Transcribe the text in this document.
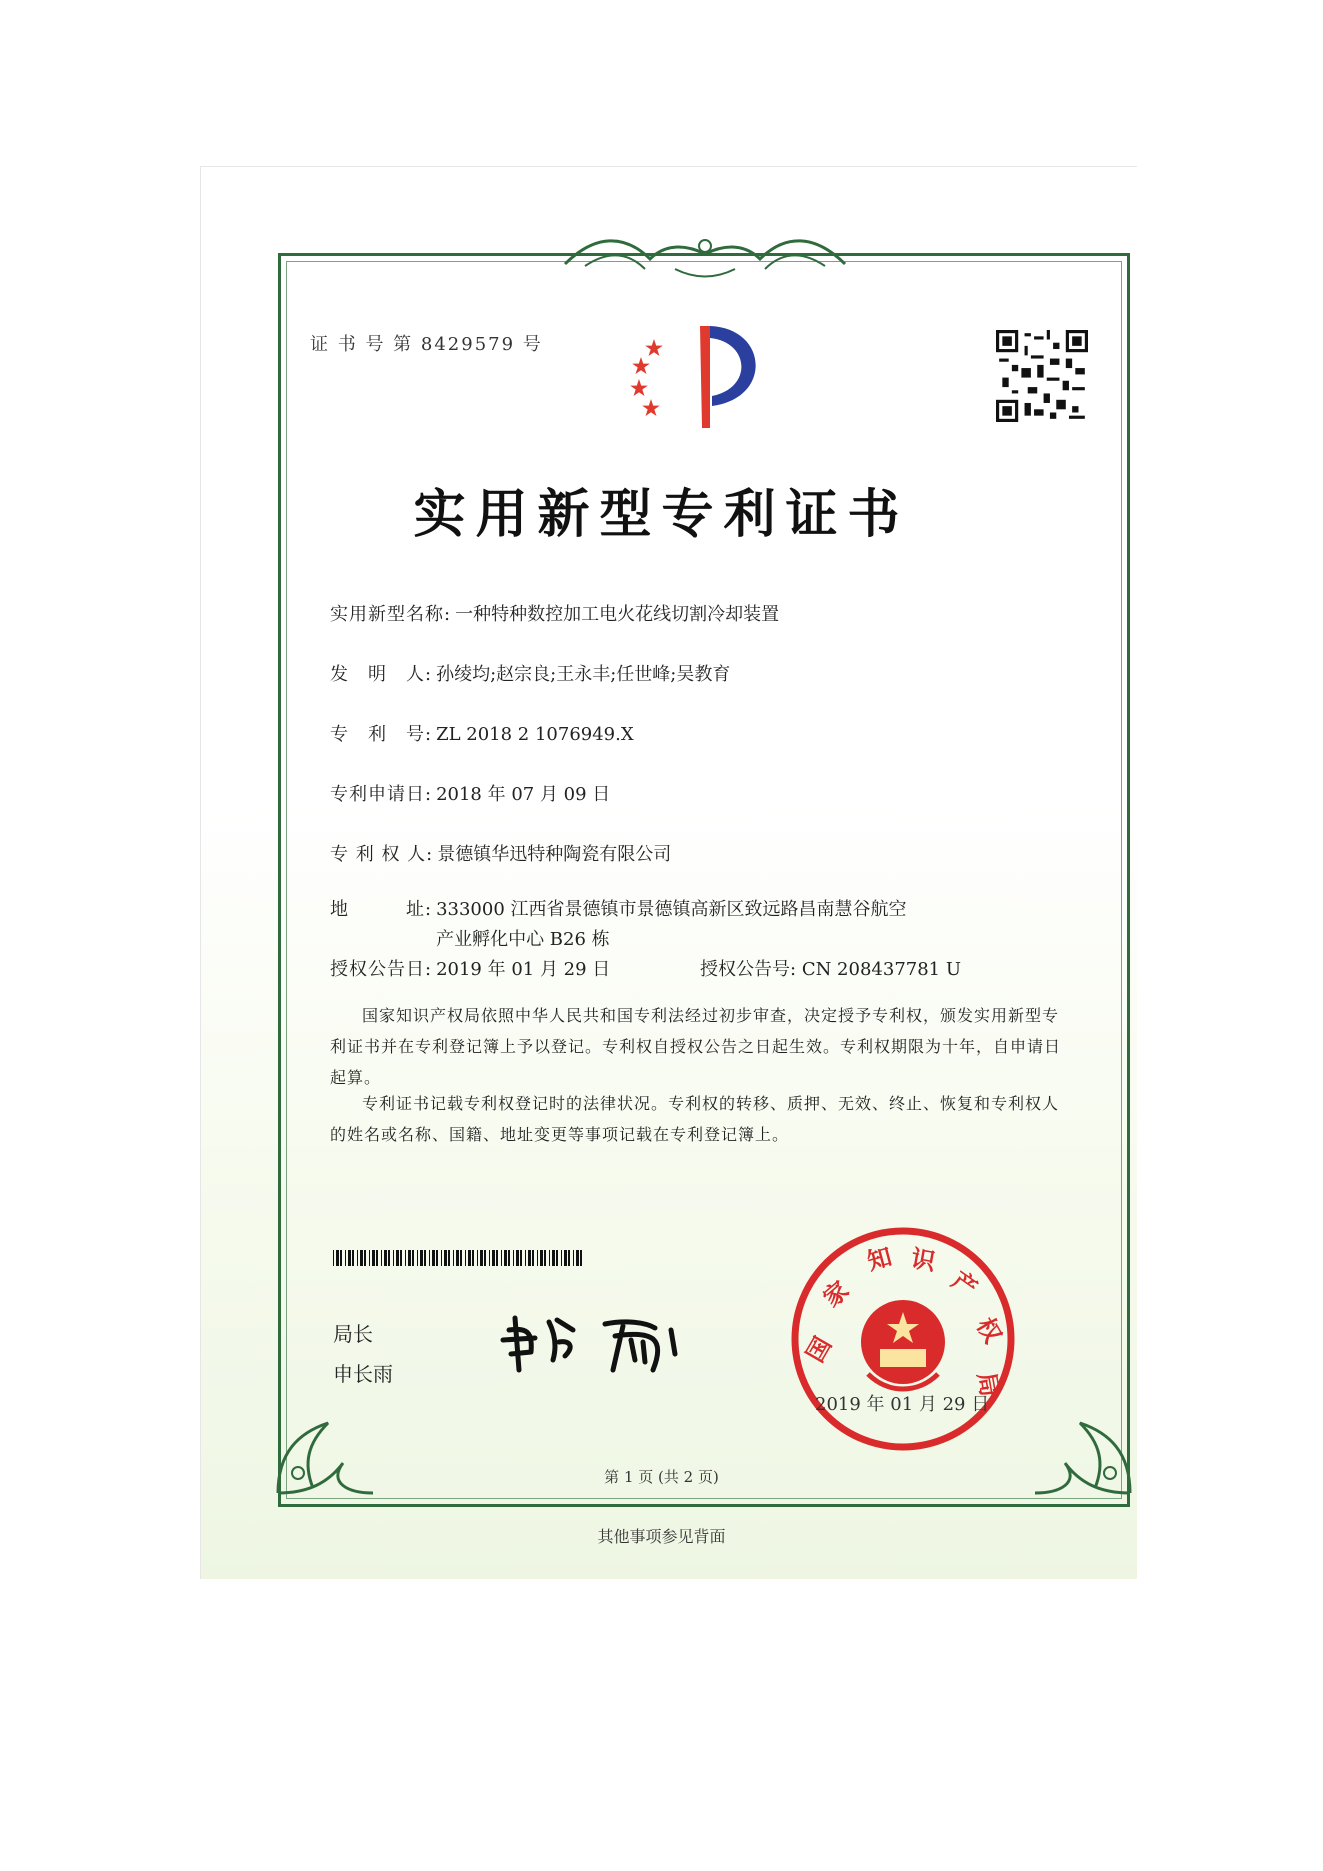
证 书 号 第 8429579 号
实用新型专利证书
实用新型名称: 一种特种数控加工电火花线切割冷却装置
发　明　人: 孙绫均;赵宗良;王永丰;任世峰;吴教育
专　利　号: ZL 2018 2 1076949.X
专利申请日: 2018 年 07 月 09 日
专 利 权 人: 景德镇华迅特种陶瓷有限公司
地　　　址: 333000 江西省景德镇市景德镇高新区致远路昌南慧谷航空产业孵化中心 B26 栋
授权公告日: 2019 年 01 月 29 日	授权公告号: CN 208437781 U
国家知识产权局依照中华人民共和国专利法经过初步审查，决定授予专利权，颁发实用新型专利证书并在专利登记簿上予以登记。专利权自授权公告之日起生效。专利权期限为十年，自申请日起算。
专利证书记载专利权登记时的法律状况。专利权的转移、质押、无效、终止、恢复和专利权人的姓名或名称、国籍、地址变更等事项记载在专利登记簿上。
局长
申长雨
国
家
知 识
产
权
局
2019 年 01 月 29 日
第 1 页 (共 2 页)
其他事项参见背面
